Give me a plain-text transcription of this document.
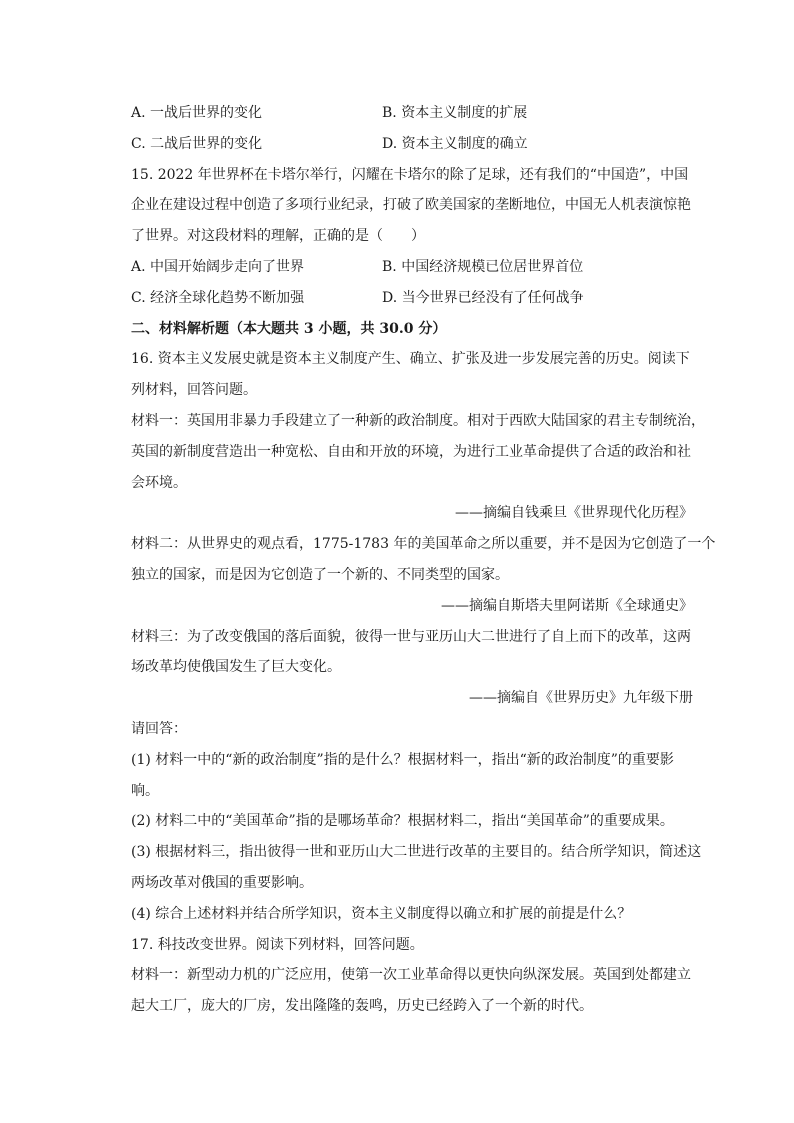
A. 一战后世界的变化	B. 资本主义制度的扩展
C. 二战后世界的变化	D. 资本主义制度的确立
15. 2022 年世界杯在卡塔尔举行，闪耀在卡塔尔的除了足球，还有我们的“中国造”，中国
企业在建设过程中创造了多项行业纪录，打破了欧美国家的垄断地位，中国无人机表演惊艳
了世界。对这段材料的理解，正确的是（　　）
A. 中国开始阔步走向了世界	B. 中国经济规模已位居世界首位
C. 经济全球化趋势不断加强	D. 当今世界已经没有了任何战争
二、材料解析题（本大题共 3 小题，共 30.0 分）
16. 资本主义发展史就是资本主义制度产生、确立、扩张及进一步发展完善的历史。阅读下
列材料，回答问题。
材料一：英国用非暴力手段建立了一种新的政治制度。相对于西欧大陆国家的君主专制统治，
英国的新制度营造出一种宽松、自由和开放的环境，为进行工业革命提供了合适的政治和社
会环境。
——摘编自钱乘旦《世界现代化历程》
材料二：从世界史的观点看，1775-1783 年的美国革命之所以重要，并不是因为它创造了一个
独立的国家，而是因为它创造了一个新的、不同类型的国家。
——摘编自斯塔夫里阿诺斯《全球通史》
材料三：为了改变俄国的落后面貌，彼得一世与亚历山大二世进行了自上而下的改革，这两
场改革均使俄国发生了巨大变化。
——摘编自《世界历史》九年级下册
请回答：
(1) 材料一中的“新的政治制度”指的是什么？根据材料一，指出“新的政治制度”的重要影
响。
(2) 材料二中的“美国革命”指的是哪场革命？根据材料二，指出“美国革命”的重要成果。
(3) 根据材料三，指出彼得一世和亚历山大二世进行改革的主要目的。结合所学知识，简述这
两场改革对俄国的重要影响。
(4) 综合上述材料并结合所学知识，资本主义制度得以确立和扩展的前提是什么？
17. 科技改变世界。阅读下列材料，回答问题。
材料一：新型动力机的广泛应用，使第一次工业革命得以更快向纵深发展。英国到处都建立
起大工厂，庞大的厂房，发出隆隆的轰鸣，历史已经跨入了一个新的时代。
